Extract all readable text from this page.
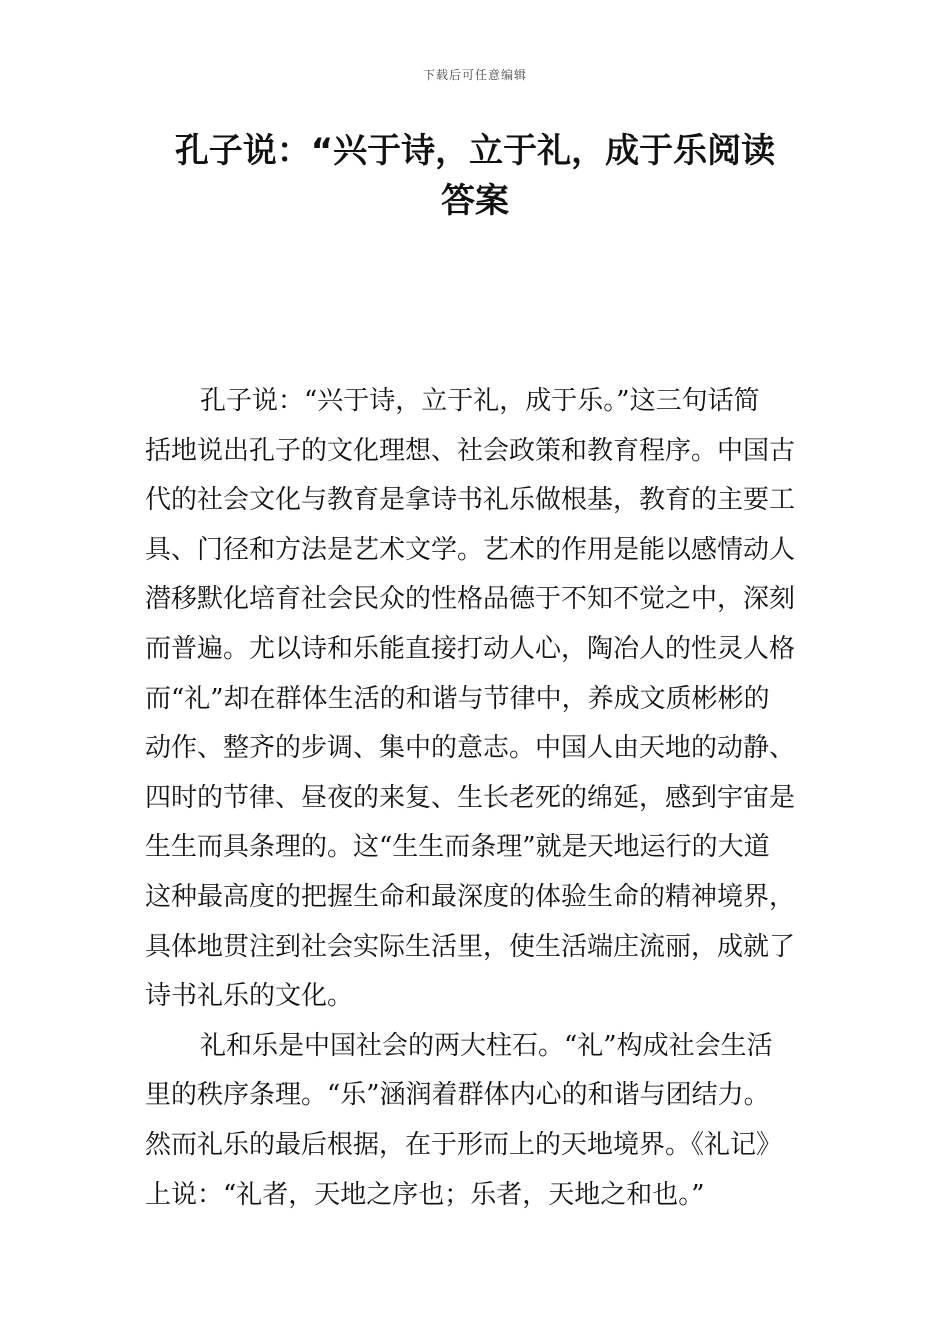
下载后可任意编辑
孔子说：“兴于诗，立于礼，成于乐阅读
答案

孔子说：“兴于诗，立于礼，成于乐。”这三句话简
括地说出孔子的文化理想、社会政策和教育程序。中国古
代的社会文化与教育是拿诗书礼乐做根基，教育的主要工
具、门径和方法是艺术文学。艺术的作用是能以感情动人
潜移默化培育社会民众的性格品德于不知不觉之中，深刻
而普遍。尤以诗和乐能直接打动人心，陶冶人的性灵人格
而“礼”却在群体生活的和谐与节律中，养成文质彬彬的
动作、整齐的步调、集中的意志。中国人由天地的动静、
四时的节律、昼夜的来复、生长老死的绵延，感到宇宙是
生生而具条理的。这“生生而条理”就是天地运行的大道
这种最高度的把握生命和最深度的体验生命的精神境界，
具体地贯注到社会实际生活里，使生活端庄流丽，成就了
诗书礼乐的文化。

礼和乐是中国社会的两大柱石。“礼”构成社会生活
里的秩序条理。“乐”涵润着群体内心的和谐与团结力。
然而礼乐的最后根据，在于形而上的天地境界。《礼记》
上说：“礼者，天地之序也；乐者，天地之和也。”
